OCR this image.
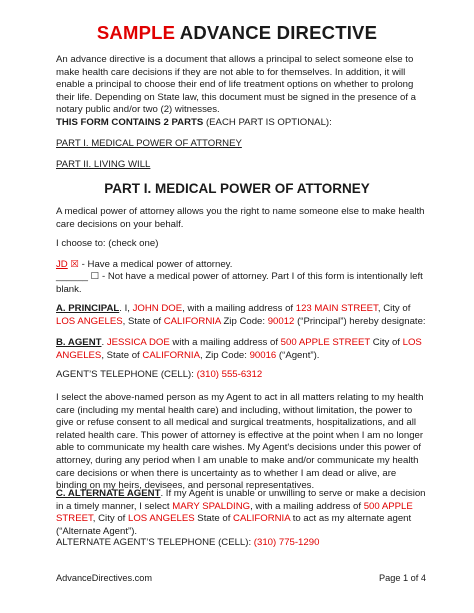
SAMPLE ADVANCE DIRECTIVE

An advance directive is a document that allows a principal to select someone else to make health care decisions if they are not able to for themselves. In addition, it will enable a principal to choose their end of life treatment options on whether to prolong their life. Depending on State law, this document must be signed in the presence of a notary public and/or two (2) witnesses.

THIS FORM CONTAINS 2 PARTS (EACH PART IS OPTIONAL):

PART I. MEDICAL POWER OF ATTORNEY

PART II. LIVING WILL

PART I. MEDICAL POWER OF ATTORNEY

A medical power of attorney allows you the right to name someone else to make health care decisions on your behalf.

I choose to: (check one)

JD ☒ - Have a medical power of attorney.

______ ☐ - Not have a medical power of attorney. Part I of this form is intentionally left blank.

A. PRINCIPAL. I, JOHN DOE, with a mailing address of 123 MAIN STREET, City of LOS ANGELES, State of CALIFORNIA Zip Code: 90012 (“Principal”) hereby designate:

B. AGENT. JESSICA DOE with a mailing address of 500 APPLE STREET City of LOS ANGELES, State of CALIFORNIA, Zip Code: 90016 (“Agent”).

AGENT’S TELEPHONE (CELL): (310) 555-6312

I select the above-named person as my Agent to act in all matters relating to my health care (including my mental health care) and including, without limitation, the power to give or refuse consent to all medical and surgical treatments, hospitalizations, and all related health care. This power of attorney is effective at the point when I am no longer able to communicate my health care wishes. My Agent's decisions under this power of attorney, during any period when I am unable to make and/or communicate my health care decisions or when there is uncertainty as to whether I am dead or alive, are binding on my heirs, devisees, and personal representatives.

C. ALTERNATE AGENT. If my Agent is unable or unwilling to serve or make a decision in a timely manner, I select MARY SPALDING, with a mailing address of 500 APPLE STREET, City of LOS ANGELES State of CALIFORNIA to act as my alternate agent (“Alternate Agent”).

ALTERNATE AGENT’S TELEPHONE (CELL): (310) 775-1290

AdvanceDirectives.com	Page 1 of 4
